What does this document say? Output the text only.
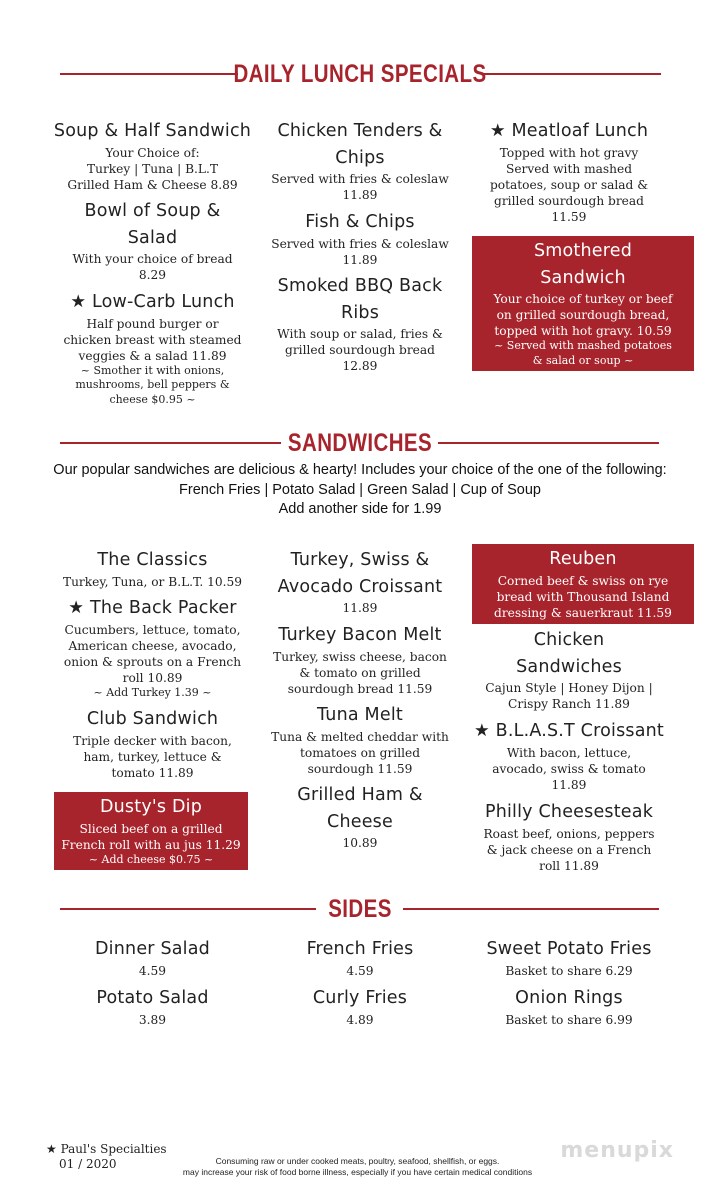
DAILY LUNCH SPECIALS
Soup & Half Sandwich
Your Choice of:
Turkey | Tuna | B.L.T
Grilled Ham & Cheese 8.89
Bowl of Soup &
Salad
With your choice of bread
8.29
★ Low-Carb Lunch
Half pound burger or
chicken breast with steamed
veggies & a salad 11.89
~ Smother it with onions,
mushrooms, bell peppers &
cheese $0.95 ~
Chicken Tenders &
Chips
Served with fries & coleslaw
11.89
Fish & Chips
Served with fries & coleslaw
11.89
Smoked BBQ Back
Ribs
With soup or salad, fries &
grilled sourdough bread
12.89
★ Meatloaf Lunch
Topped with hot gravy
Served with mashed
potatoes, soup or salad &
grilled sourdough bread
11.59
Smothered
Sandwich
Your choice of turkey or beef
on grilled sourdough bread,
topped with hot gravy. 10.59
~ Served with mashed potatoes
& salad or soup ~
SANDWICHES
Our popular sandwiches are delicious & hearty! Includes your choice of the one of the following:
French Fries | Potato Salad | Green Salad | Cup of Soup
Add another side for 1.99
The Classics
Turkey, Tuna, or B.L.T. 10.59
★ The Back Packer
Cucumbers, lettuce, tomato,
American cheese, avocado,
onion & sprouts on a French
roll 10.89
~ Add Turkey 1.39 ~
Club Sandwich
Triple decker with bacon,
ham, turkey, lettuce &
tomato 11.89
Dusty's Dip
Sliced beef on a grilled
French roll with au jus 11.29
~ Add cheese $0.75 ~
Turkey, Swiss &
Avocado Croissant
11.89
Turkey Bacon Melt
Turkey, swiss cheese, bacon
& tomato on grilled
sourdough bread 11.59
Tuna Melt
Tuna & melted cheddar with
tomatoes on grilled
sourdough 11.59
Grilled Ham &
Cheese
10.89
Reuben
Corned beef & swiss on rye
bread with Thousand Island
dressing & sauerkraut 11.59
Chicken
Sandwiches
Cajun Style | Honey Dijon |
Crispy Ranch 11.89
★ B.L.A.S.T Croissant
With bacon, lettuce,
avocado, swiss & tomato
11.89
Philly Cheesesteak
Roast beef, onions, peppers
& jack cheese on a French
roll 11.89
SIDES
Dinner Salad
4.59
Potato Salad
3.89
French Fries
4.59
Curly Fries
4.89
Sweet Potato Fries
Basket to share 6.29
Onion Rings
Basket to share 6.99
★ Paul's Specialties
01 / 2020	Consuming raw or under cooked meats, poultry, seafood, shellfish, or eggs.
may increase your risk of food borne illness, especially if you have certain medical conditions
menupix
